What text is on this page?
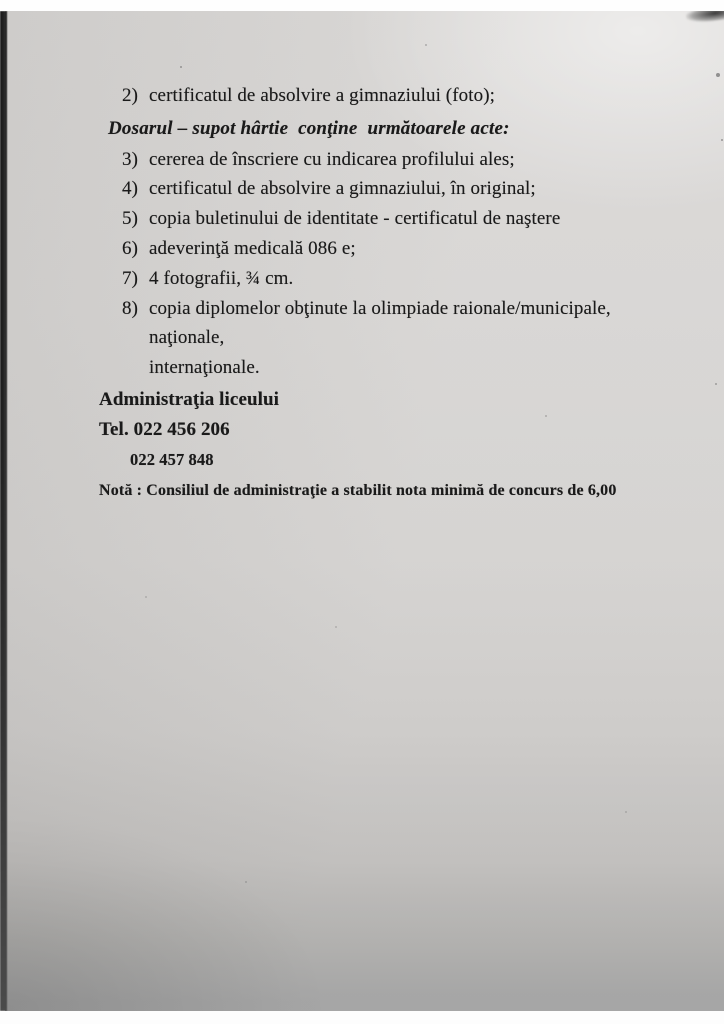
2) certificatul de absolvire a gimnaziului (foto);
Dosarul – supot hârtie  conţine  următoarele acte:
3) cererea de înscriere cu indicarea profilului ales;
4) certificatul de absolvire a gimnaziului, în original;
5) copia buletinului de identitate - certificatul de naştere
6) adeverinţă medicală 086 e;
7) 4 fotografii, ¾ cm.
8) copia diplomelor obţinute la olimpiade raionale/municipale, naţionale,
internaţionale.
Administraţia liceului
Tel. 022 456 206
022 457 848
Notă : Consiliul de administraţie a stabilit nota minimă de concurs de 6,00
